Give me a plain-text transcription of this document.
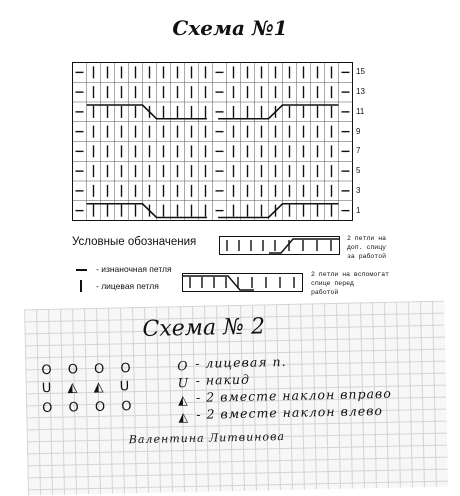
Схема №1
15
13
11
9
7
5
3
1
Условные обозначения	2 петли на
доп. спицу
за работой
- изнаночная петля
2 петли на вспомогат
спице перед
работой
- лицевая петля
Схема № 2
O O O O
U ◭ ◭ U
O O O O
O - лицевая п.
U - накид
◭ - 2 вместе наклон вправо
◭ - 2 вместе наклон влево
Валентина Литвинова
